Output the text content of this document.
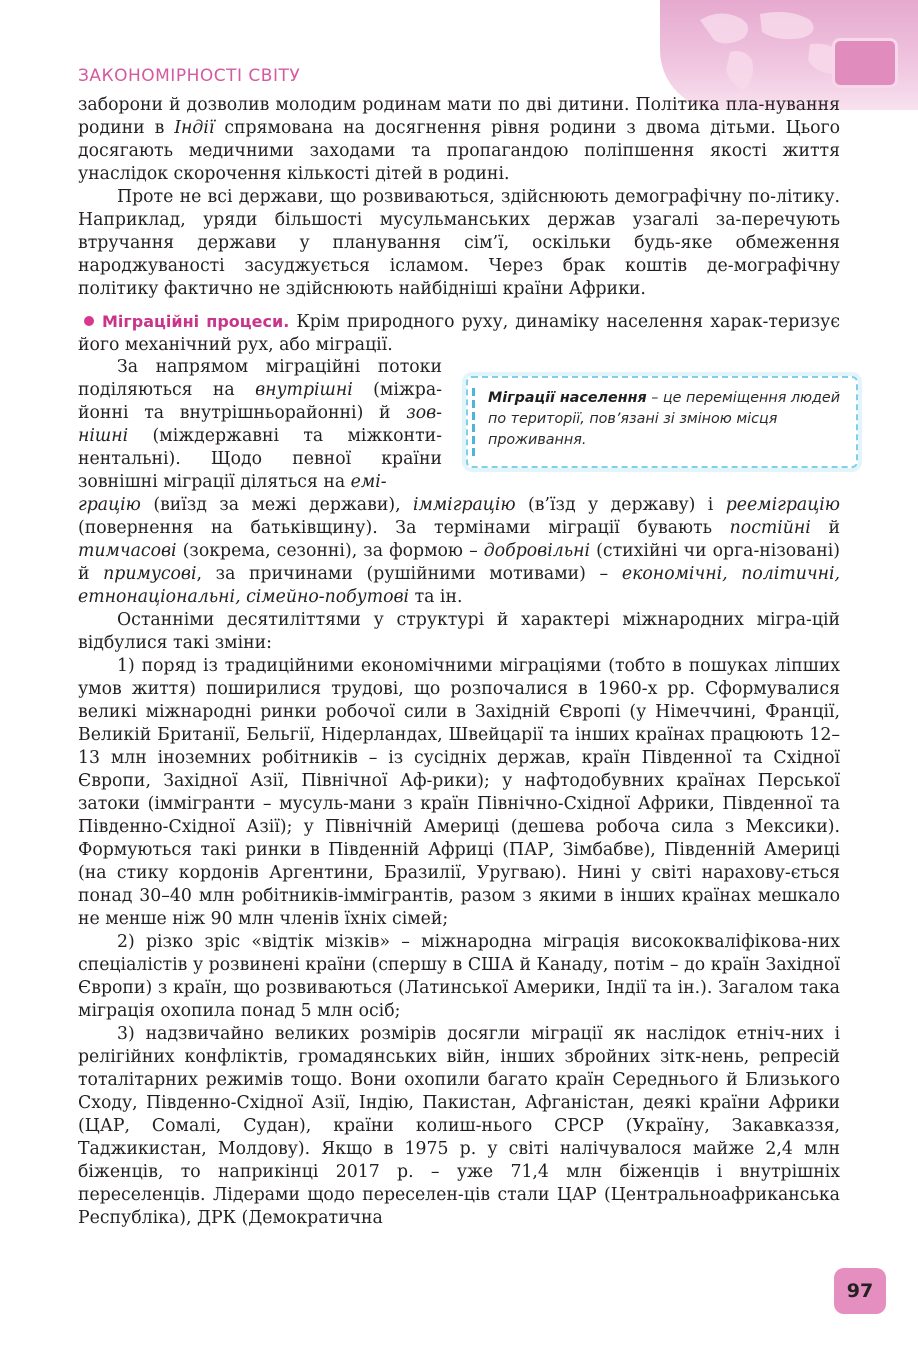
ЗАКОНОМІРНОСТІ СВІТУ

заборони й дозволив молодим родинам мати по дві дитини. Політика пла-нування родини в Індії спрямована на досягнення рівня родини з двома дітьми. Цього досягають медичними заходами та пропагандою поліпшення якості життя унаслідок скорочення кількості дітей в родині.

Проте не всі держави, що розвиваються, здійснюють демографічну по-літику. Наприклад, уряди більшості мусульманських держав узагалі за-перечують втручання держави у планування сім’ї, оскільки будь-яке обмеження народжуваності засуджується ісламом. Через брак коштів де-мографічну політику фактично не здійснюють найбідніші країни Африки.

Міграційні процеси. Крім природного руху, динаміку населення харак-теризує його механічний рух, або міграції.

За напрямом міграційні потоки поділяються на внутрішні (міжра-йонні та внутрішньорайонні) й зов-нішні (міждержавні та міжконти-нентальні). Щодо певної країни зовнішні міграції діляться на емі-

Міграції населення – це переміщення людей по території, пов’язані зі зміною місця проживання.

грацію (виїзд за межі держави), імміграцію (в’їзд у державу) і рееміграцію (повернення на батьківщину). За термінами міграції бувають постійні й тимчасові (зокрема, сезонні), за формою – добровільні (стихійні чи орга-нізовані) й примусові, за причинами (рушійними мотивами) – економічні, політичні, етнонаціональні, сімейно-побутові та ін.

Останніми десятиліттями у структурі й характері міжнародних мігра-цій відбулися такі зміни:

1) поряд із традиційними економічними міграціями (тобто в пошуках ліпших умов життя) поширилися трудові, що розпочалися в 1960-х рр. Сформувалися великі міжнародні ринки робочої сили в Західній Європі (у Німеччині, Франції, Великій Британії, Бельгії, Нідерландах, Швейцарії та інших країнах працюють 12–13 млн іноземних робітників – із сусідніх держав, країн Південної та Східної Європи, Західної Азії, Північної Аф-рики); у нафтодобувних країнах Перської затоки (іммігранти – мусуль-мани з країн Північно-Східної Африки, Південної та Південно-Східної Азії); у Північній Америці (дешева робоча сила з Мексики). Формуються такі ринки в Південній Африці (ПАР, Зімбабве), Південній Америці (на стику кордонів Аргентини, Бразилії, Уругваю). Нині у світі нарахову-ється понад 30–40 млн робітників-іммігрантів, разом з якими в інших країнах мешкало не менше ніж 90 млн членів їхніх сімей;

2) різко зріс «відтік мізків» – міжнародна міграція висококваліфікова-них спеціалістів у розвинені країни (спершу в США й Канаду, потім – до країн Західної Європи) з країн, що розвиваються (Латинської Америки, Індії та ін.). Загалом така міграція охопила понад 5 млн осіб;

3) надзвичайно великих розмірів досягли міграції як наслідок етніч-них і релігійних конфліктів, громадянських війн, інших збройних зітк-нень, репресій тоталітарних режимів тощо. Вони охопили багато країн Середнього й Близького Сходу, Південно-Східної Азії, Індію, Пакистан, Афганістан, деякі країни Африки (ЦАР, Сомалі, Судан), країни колиш-нього СРСР (Україну, Закавказзя, Таджикистан, Молдову). Якщо в 1975 р. у світі налічувалося майже 2,4 млн біженців, то наприкінці 2017 р. – уже 71,4 млн біженців і внутрішніх переселенців. Лідерами щодо переселен-ців стали ЦАР (Центральноафриканська Республіка), ДРК (Демократична

97
